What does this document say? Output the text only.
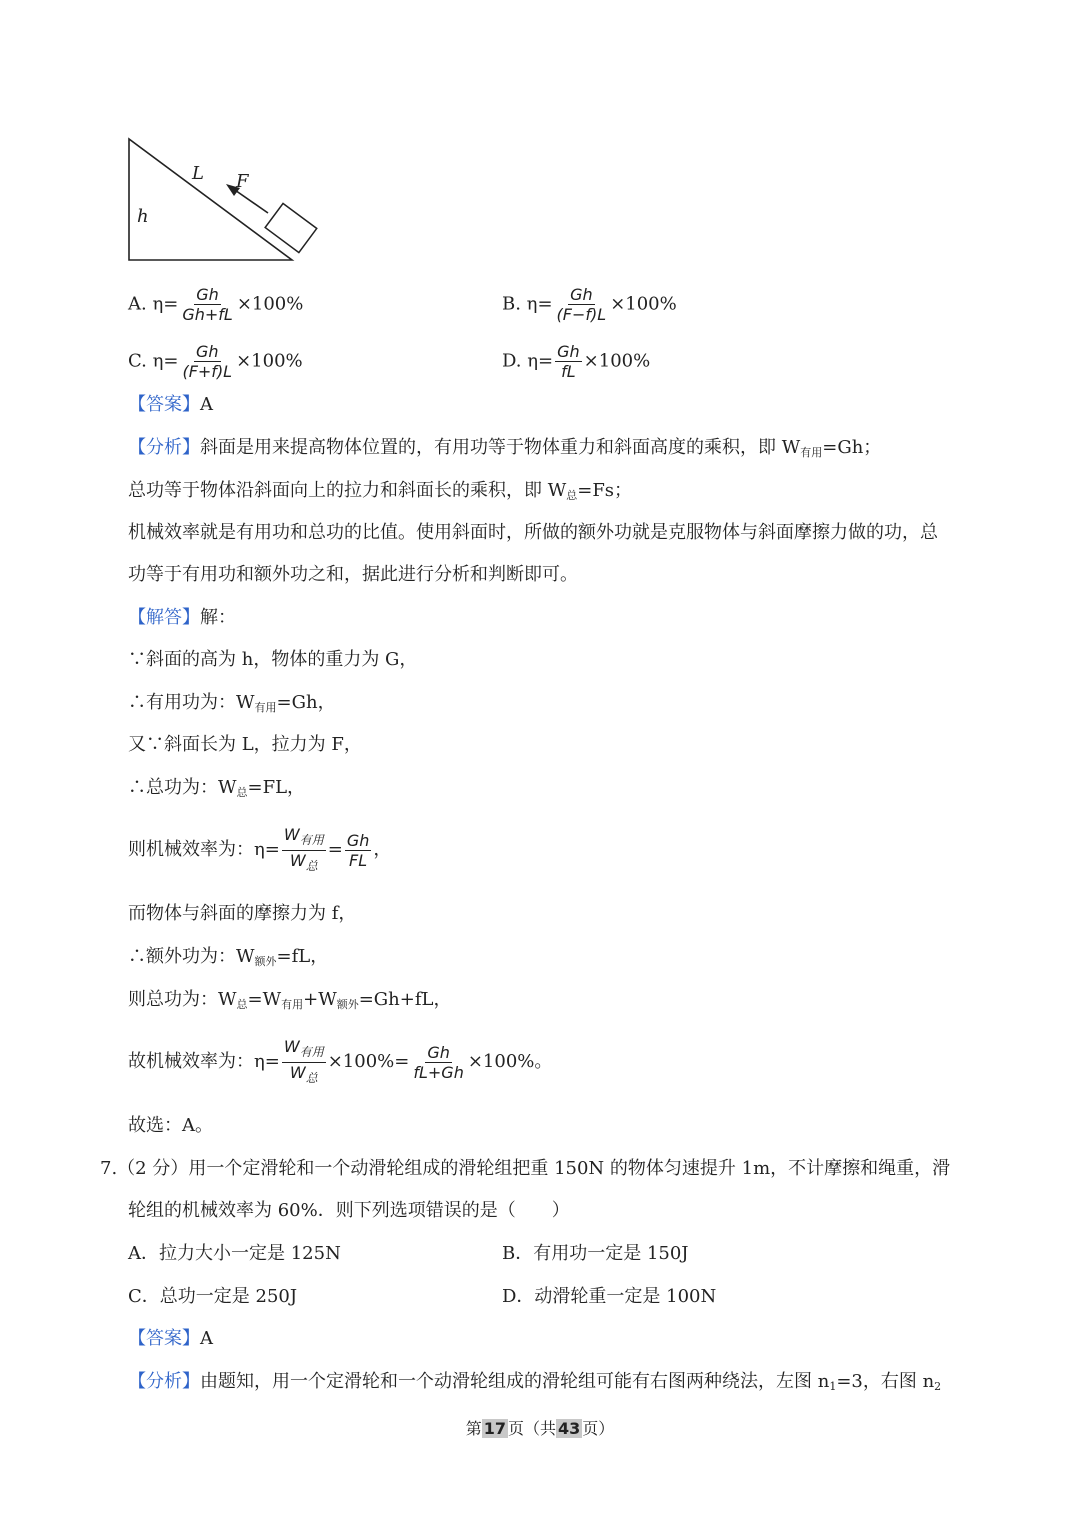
L F
h
A. $\eta= \frac{Gh}{Gh+fL} \times 100\%$	B. $\eta= \frac{Gh}{(F-f)L} \times 100\%$
C. $\eta= \frac{Gh}{(F+f)L} \times 100\%$	D. $\eta= \frac{Gh}{fL} \times 100\%$
【答案】A
【分析】斜面是用来提高物体位置的，有用功等于物体重力和斜面高度的乘积，即 $W_{有用}=Gh$；
总功等于物体沿斜面向上的拉力和斜面长的乘积，即 $W_总=Fs$；
机械效率就是有用功和总功的比值。使用斜面时，所做的额外功就是克服物体与斜面摩擦力做的功，总
功等于有用功和额外功之和，据此进行分析和判断即可。
【解答】解：
∵斜面的高为 h，物体的重力为 G，
∴有用功为：$W_{有用}=Gh$，
又∵斜面长为 L，拉力为 F，
∴总功为：$W_总=FL$，
则机械效率为：$\eta= \frac{W_{有用}}{W_总} = \frac{Gh}{FL}$ ，
而物体与斜面的摩擦力为 f，
∴额外功为：$W_{额外}=fL$，
则总功为：$W_总=W_{有用}+W_{额外}=Gh+fL$，
故机械效率为：$\eta= \frac{W_{有用}}{W_总} \times 100\%= \frac{Gh}{fL+Gh} \times 100\%$。
故选：A。
7.（2 分）用一个定滑轮和一个动滑轮组成的滑轮组把重 150N 的物体匀速提升 1m，不计摩擦和绳重，滑
轮组的机械效率为 60%．则下列选项错误的是（　　）
A．拉力大小一定是 125N	B．有用功一定是 150J
C．总功一定是 250J	D．动滑轮重一定是 100N
【答案】A
【分析】由题知，用一个定滑轮和一个动滑轮组成的滑轮组可能有右图两种绕法，左图 $n_1=3$，右图 $n_2$
第 17 页（共 43 页）
